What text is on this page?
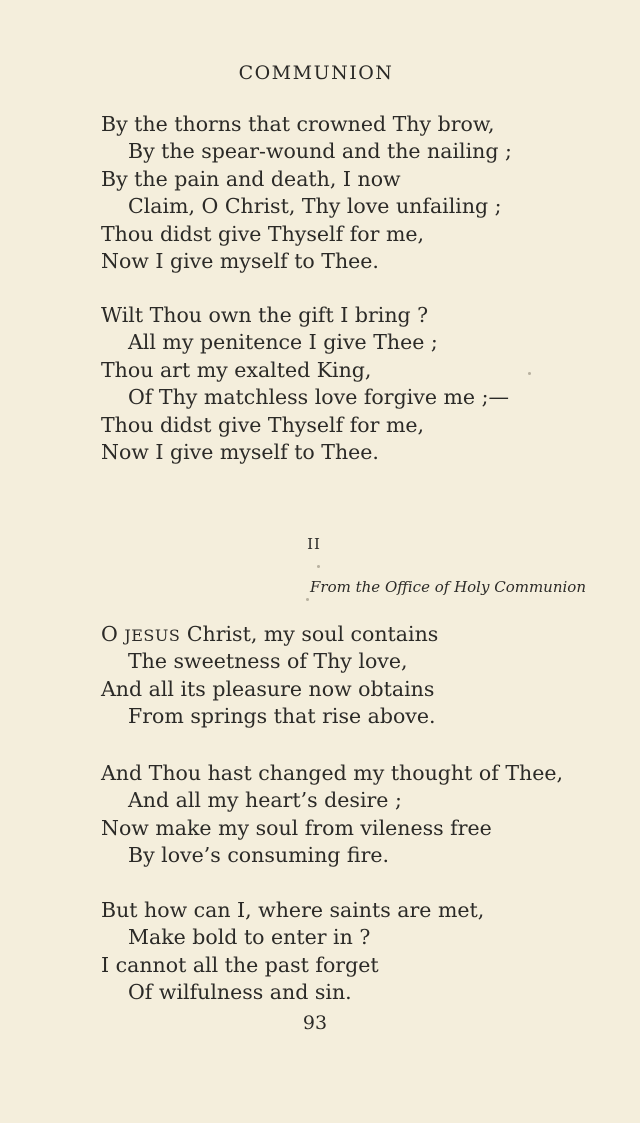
COMMUNION
By the thorns that crowned Thy brow,
By the spear-wound and the nailing ;
By the pain and death, I now
Claim, O Christ, Thy love unfailing ;
Thou didst give Thyself for me,
Now I give myself to Thee.
Wilt Thou own the gift I bring ?
All my penitence I give Thee ;
Thou art my exalted King,
Of Thy matchless love forgive me ;—
Thou didst give Thyself for me,
Now I give myself to Thee.
II
From the Office of Holy Communion
O JESUS Christ, my soul contains
The sweetness of Thy love,
And all its pleasure now obtains
From springs that rise above.
And Thou hast changed my thought of Thee,
And all my heart’s desire ;
Now make my soul from vileness free
By love’s consuming fire.
But how can I, where saints are met,
Make bold to enter in ?
I cannot all the past forget
Of wilfulness and sin.
93
